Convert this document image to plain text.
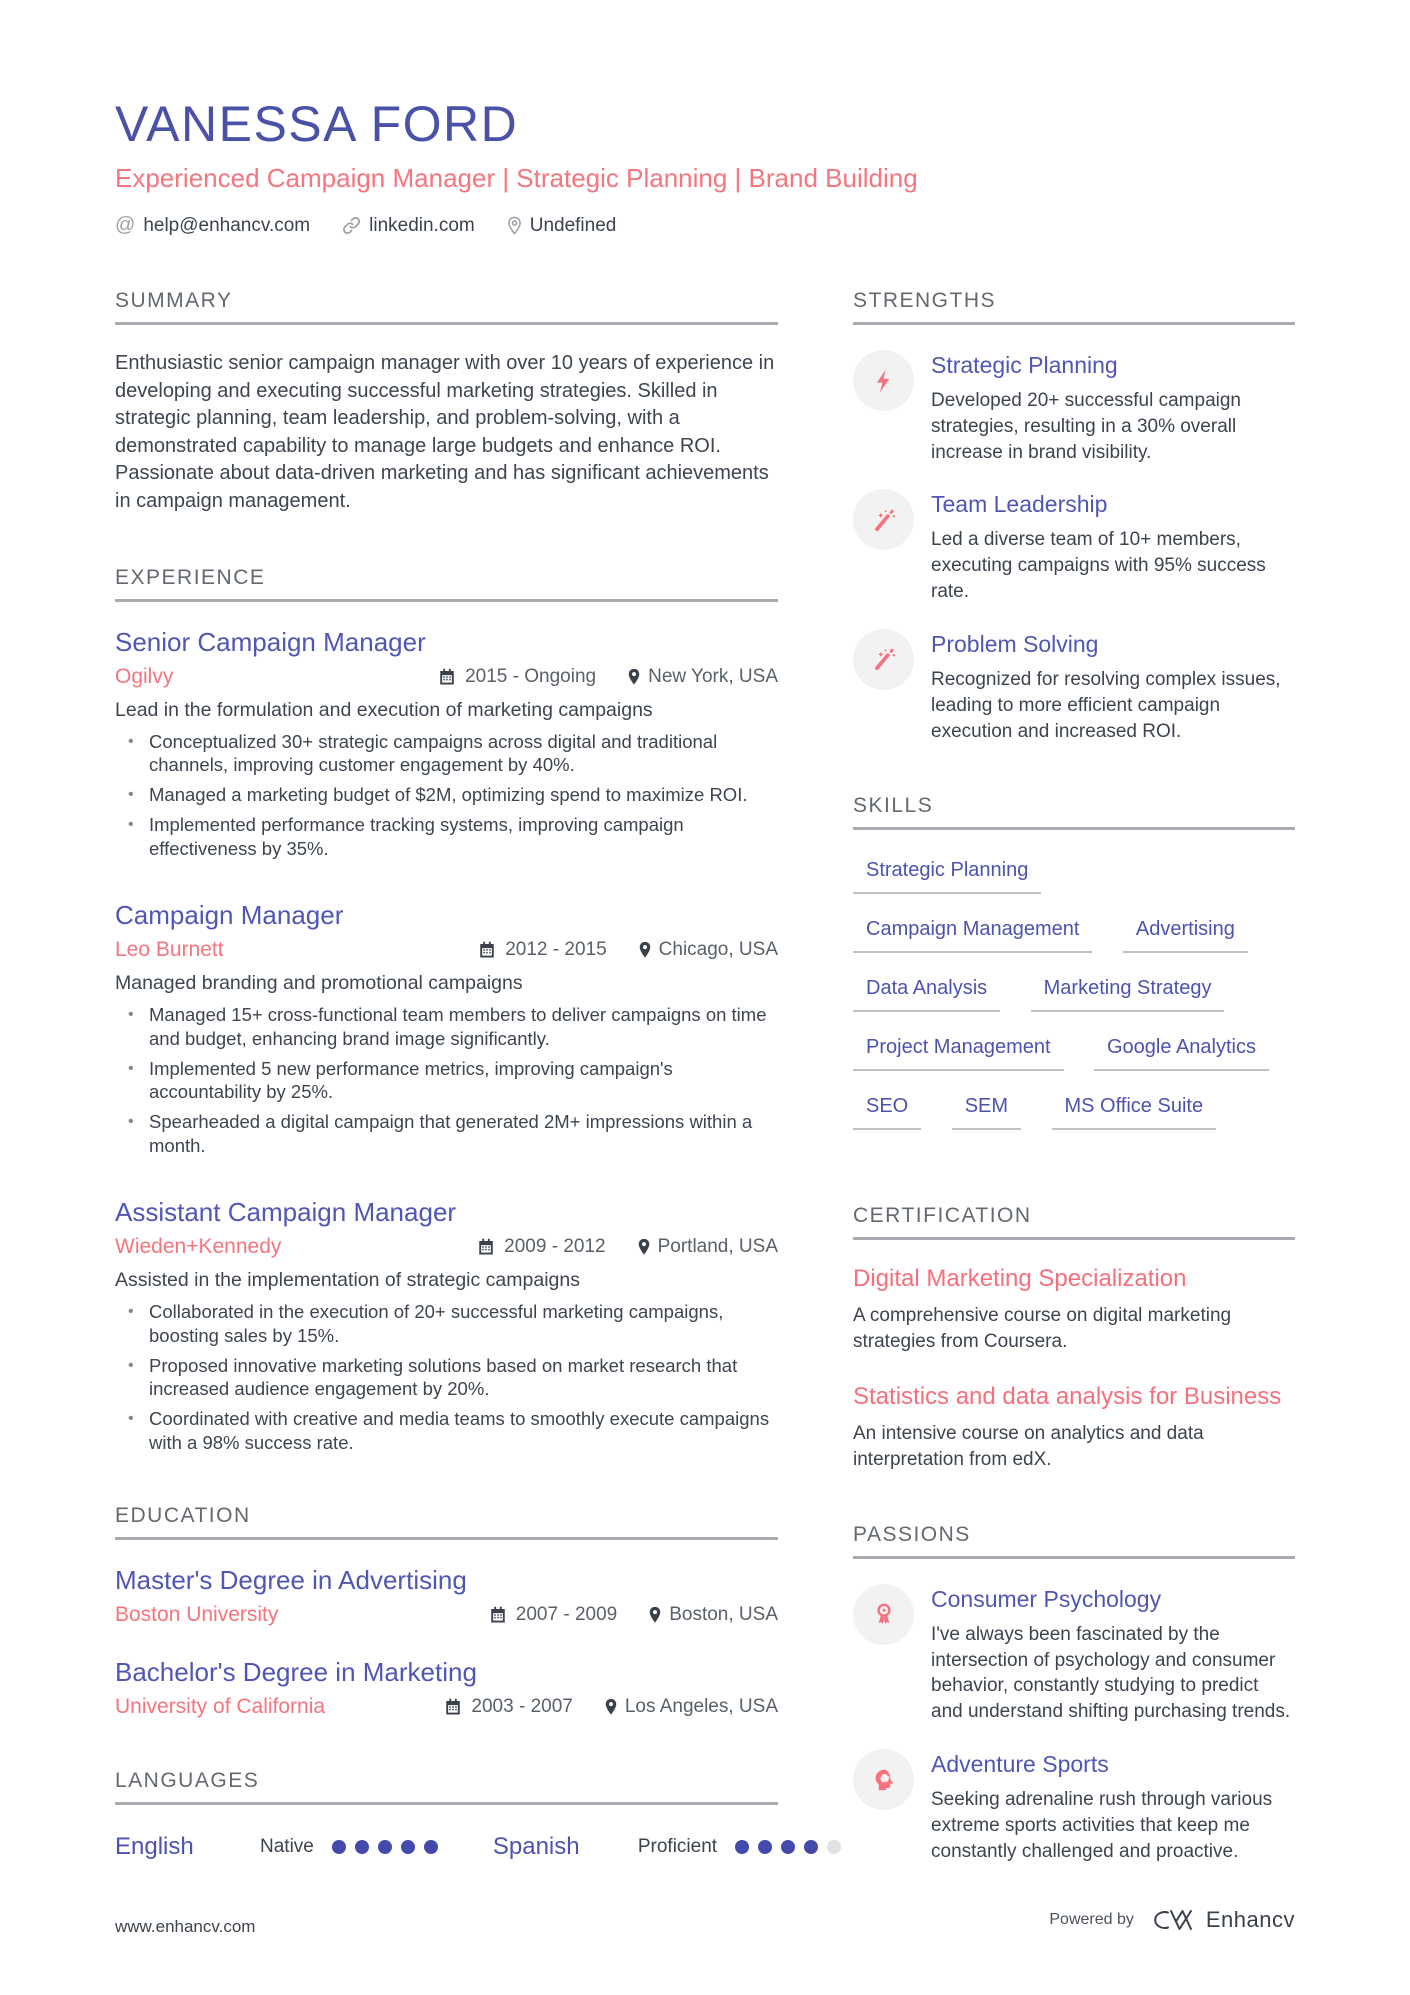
VANESSA FORD
Experienced Campaign Manager | Strategic Planning | Brand Building
@ help@enhancv.com	linkedin.com	Undefined
SUMMARY

Enthusiastic senior campaign manager with over 10 years of experience in developing and executing successful marketing strategies. Skilled in strategic planning, team leadership, and problem-solving, with a demonstrated capability to manage large budgets and enhance ROI. Passionate about data-driven marketing and has significant achievements in campaign management.

EXPERIENCE
Senior Campaign Manager
Ogilvy	2015 - Ongoing	New York, USA
Lead in the formulation and execution of marketing campaigns
• Conceptualized 30+ strategic campaigns across digital and traditional channels, improving customer engagement by 40%.
• Managed a marketing budget of $2M, optimizing spend to maximize ROI.
• Implemented performance tracking systems, improving campaign effectiveness by 35%.
Campaign Manager
Leo Burnett	2012 - 2015	Chicago, USA
Managed branding and promotional campaigns
• Managed 15+ cross-functional team members to deliver campaigns on time and budget, enhancing brand image significantly.
• Implemented 5 new performance metrics, improving campaign's accountability by 25%.
• Spearheaded a digital campaign that generated 2M+ impressions within a month.
Assistant Campaign Manager
Wieden+Kennedy	2009 - 2012	Portland, USA
Assisted in the implementation of strategic campaigns
• Collaborated in the execution of 20+ successful marketing campaigns, boosting sales by 15%.
• Proposed innovative marketing solutions based on market research that increased audience engagement by 20%.
• Coordinated with creative and media teams to smoothly execute campaigns with a 98% success rate.
EDUCATION
Master's Degree in Advertising
Boston University	2007 - 2009	Boston, USA
Bachelor's Degree in Marketing
University of California	2003 - 2007	Los Angeles, USA
LANGUAGES
English	Native	Spanish	Proficient
STRENGTHS
Strategic Planning
Developed 20+ successful campaign strategies, resulting in a 30% overall increase in brand visibility.
Team Leadership
Led a diverse team of 10+ members, executing campaigns with 95% success rate.
Problem Solving
Recognized for resolving complex issues, leading to more efficient campaign execution and increased ROI.
SKILLS
Strategic Planning
Campaign Management	Advertising
Data Analysis	Marketing Strategy
Project Management	Google Analytics
SEO	SEM	MS Office Suite
CERTIFICATION
Digital Marketing Specialization
A comprehensive course on digital marketing strategies from Coursera.
Statistics and data analysis for Business
An intensive course on analytics and data interpretation from edX.
PASSIONS
Consumer Psychology
I've always been fascinated by the intersection of psychology and consumer behavior, constantly studying to predict and understand shifting purchasing trends.
Adventure Sports
Seeking adrenaline rush through various extreme sports activities that keep me constantly challenged and proactive.
www.enhancv.com	Powered by	Enhancv
